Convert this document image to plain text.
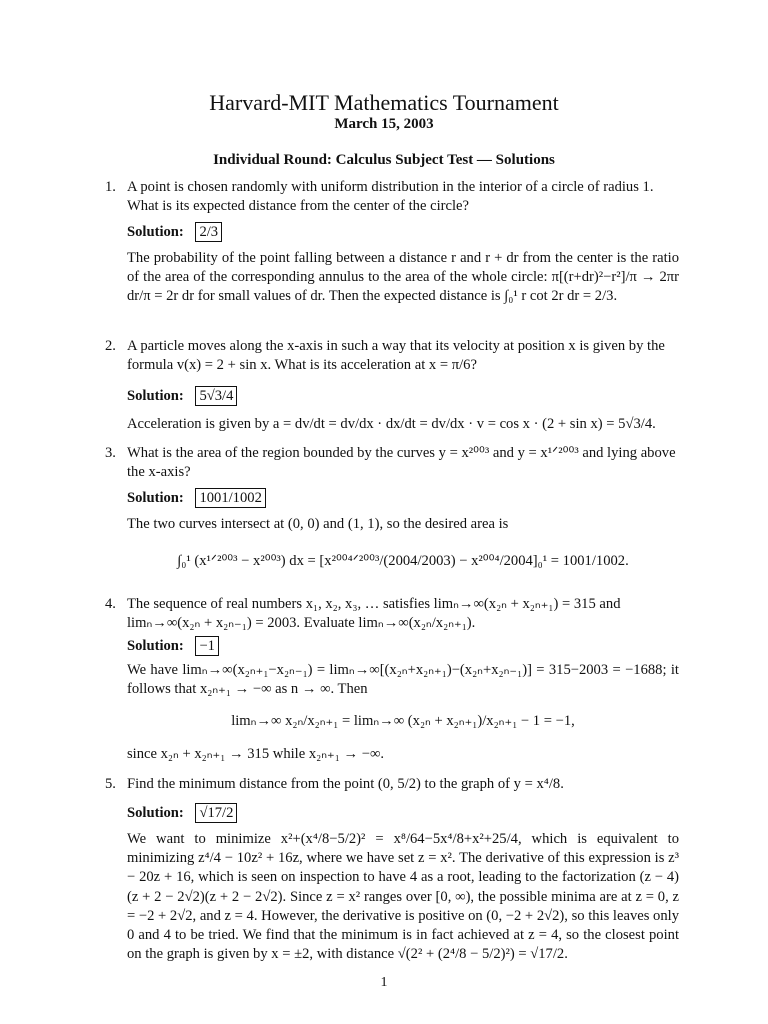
Harvard-MIT Mathematics Tournament
March 15, 2003
Individual Round: Calculus Subject Test — Solutions
1. A point is chosen randomly with uniform distribution in the interior of a circle of radius 1. What is its expected distance from the center of the circle?
Solution: 2/3
The probability of the point falling between a distance r and r + dr from the center is the ratio of the area of the corresponding annulus to the area of the whole circle: π[(r+dr)²−r²]/π → 2πr dr/π = 2r dr for small values of dr. Then the expected distance is ∫₀¹ r cot 2r dr = 2/3.
2. A particle moves along the x-axis in such a way that its velocity at position x is given by the formula v(x) = 2 + sin x. What is its acceleration at x = π/6?
Solution: 5√3/4
Acceleration is given by a = dv/dt = dv/dx · dx/dt = dv/dx · v = cos x · (2 + sin x) = 5√3/4.
3. What is the area of the region bounded by the curves y = x²⁰⁰³ and y = x¹ᐟ²⁰⁰³ and lying above the x-axis?
Solution: 1001/1002
The two curves intersect at (0, 0) and (1, 1), so the desired area is
∫₀¹ (x¹ᐟ²⁰⁰³ − x²⁰⁰³) dx = [x²⁰⁰⁴ᐟ²⁰⁰³/(2004/2003) − x²⁰⁰⁴/2004]₀¹ = 1001/1002.
4. The sequence of real numbers x₁, x₂, x₃, … satisfies limₙ→∞(x₂ₙ + x₂ₙ₊₁) = 315 and limₙ→∞(x₂ₙ + x₂ₙ₋₁) = 2003. Evaluate limₙ→∞(x₂ₙ/x₂ₙ₊₁).
Solution: −1
We have limₙ→∞(x₂ₙ₊₁−x₂ₙ₋₁) = limₙ→∞[(x₂ₙ+x₂ₙ₊₁)−(x₂ₙ+x₂ₙ₋₁)] = 315−2003 = −1688; it follows that x₂ₙ₊₁ → −∞ as n → ∞. Then
limₙ→∞ x₂ₙ/x₂ₙ₊₁ = limₙ→∞ (x₂ₙ + x₂ₙ₊₁)/x₂ₙ₊₁ − 1 = −1,
since x₂ₙ + x₂ₙ₊₁ → 315 while x₂ₙ₊₁ → −∞.
5. Find the minimum distance from the point (0, 5/2) to the graph of y = x⁴/8.
Solution: √17/2
We want to minimize x²+(x⁴/8−5/2)² = x⁸/64−5x⁴/8+x²+25/4, which is equivalent to minimizing z⁴/4 − 10z² + 16z, where we have set z = x². The derivative of this expression is z³ − 20z + 16, which is seen on inspection to have 4 as a root, leading to the factorization (z − 4)(z + 2 − 2√2)(z + 2 − 2√2). Since z = x² ranges over [0, ∞), the possible minima are at z = 0, z = −2 + 2√2, and z = 4. However, the derivative is positive on (0, −2 + 2√2), so this leaves only 0 and 4 to be tried. We find that the minimum is in fact achieved at z = 4, so the closest point on the graph is given by x = ±2, with distance √(2² + (2⁴/8 − 5/2)²) = √17/2.
1
